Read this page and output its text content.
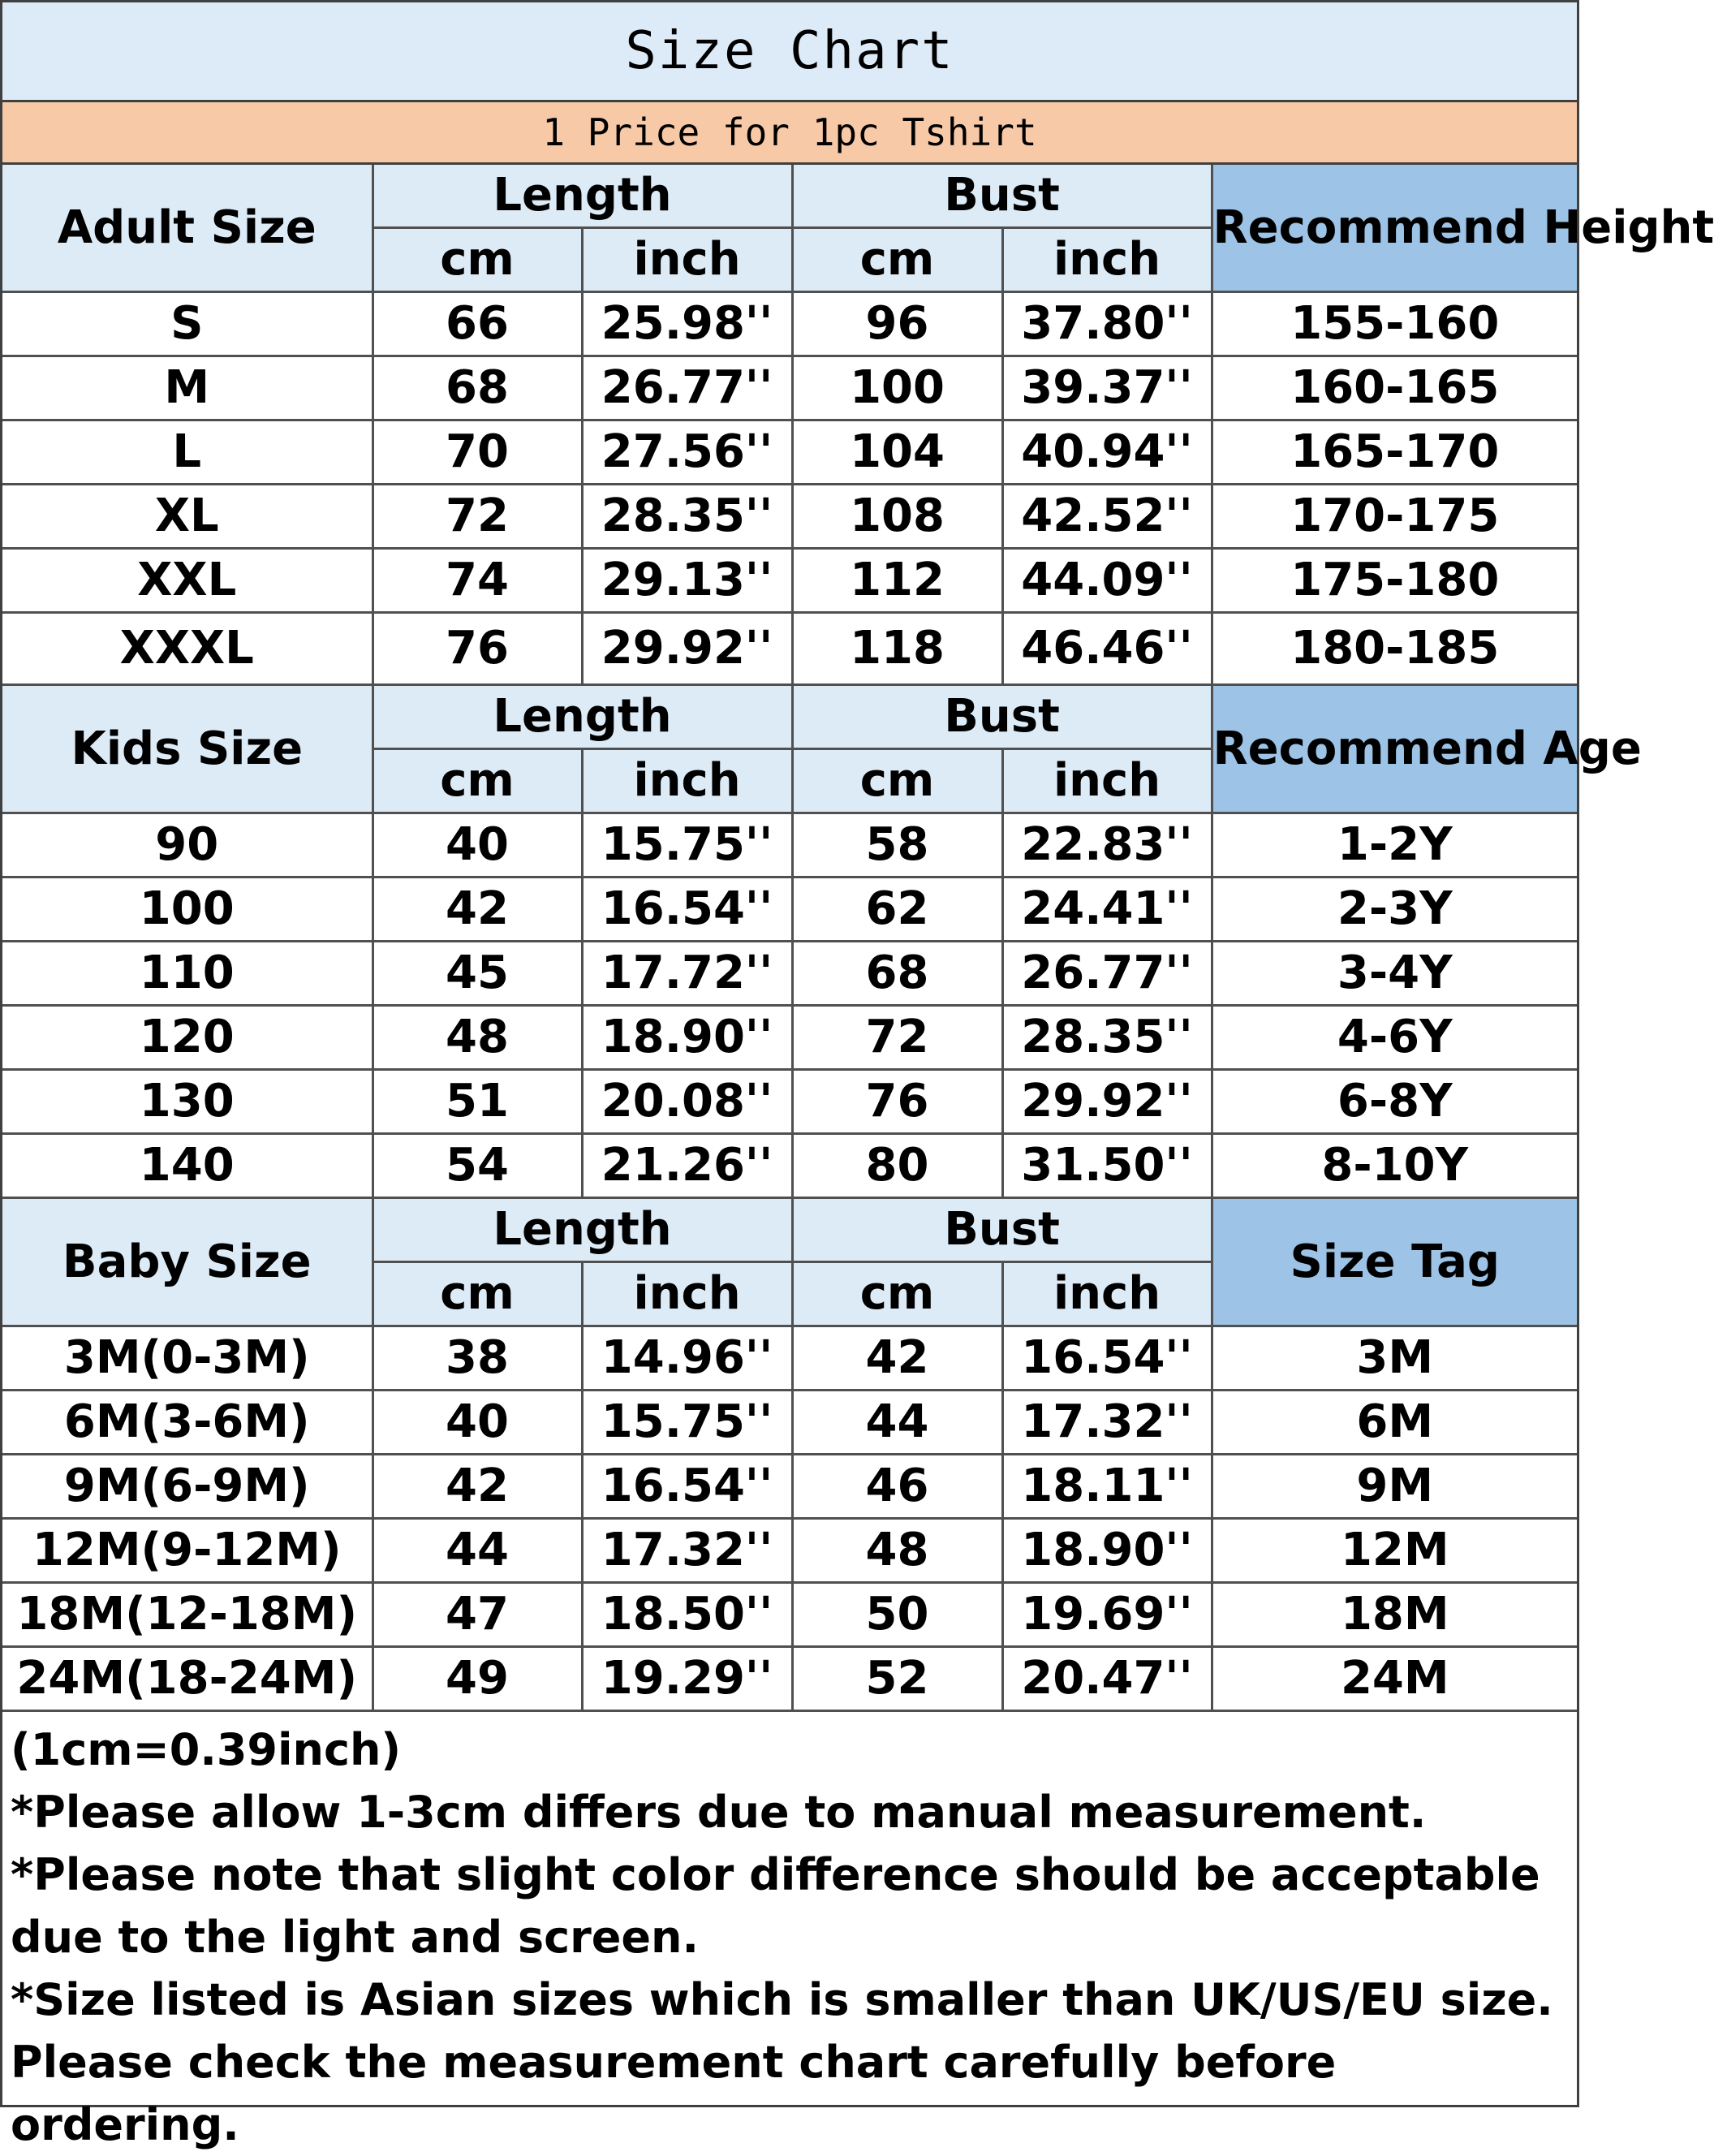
Size Chart
1 Price for 1pc Tshirt
Adult Size	Length		Bust		Recommend Height
	cm	inch	cm	inch	
S	66	25.98''	96	37.80''	155-160
M	68	26.77''	100	39.37''	160-165
L	70	27.56''	104	40.94''	165-170
XL	72	28.35''	108	42.52''	170-175
XXL	74	29.13''	112	44.09''	175-180
XXXL	76	29.92''	118	46.46''	180-185
Kids Size	Length		Bust		Recommend Age
	cm	inch	cm	inch	
90	40	15.75''	58	22.83''	1-2Y
100	42	16.54''	62	24.41''	2-3Y
110	45	17.72''	68	26.77''	3-4Y
120	48	18.90''	72	28.35''	4-6Y
130	51	20.08''	76	29.92''	6-8Y
140	54	21.26''	80	31.50''	8-10Y
Baby Size	Length		Bust		Size Tag
	cm	inch	cm	inch	
3M(0-3M)	38	14.96''	42	16.54''	3M
6M(3-6M)	40	15.75''	44	17.32''	6M
9M(6-9M)	42	16.54''	46	18.11''	9M
12M(9-12M)	44	17.32''	48	18.90''	12M
18M(12-18M)	47	18.50''	50	19.69''	18M
24M(18-24M)	49	19.29''	52	20.47''	24M

(1cm=0.39inch)

*Please allow 1-3cm differs due to manual measurement.

*Please note that slight color difference should be acceptable due to the light and screen.

*Size listed is Asian sizes which is smaller than UK/US/EU size. Please check the measurement chart carefully before ordering.
